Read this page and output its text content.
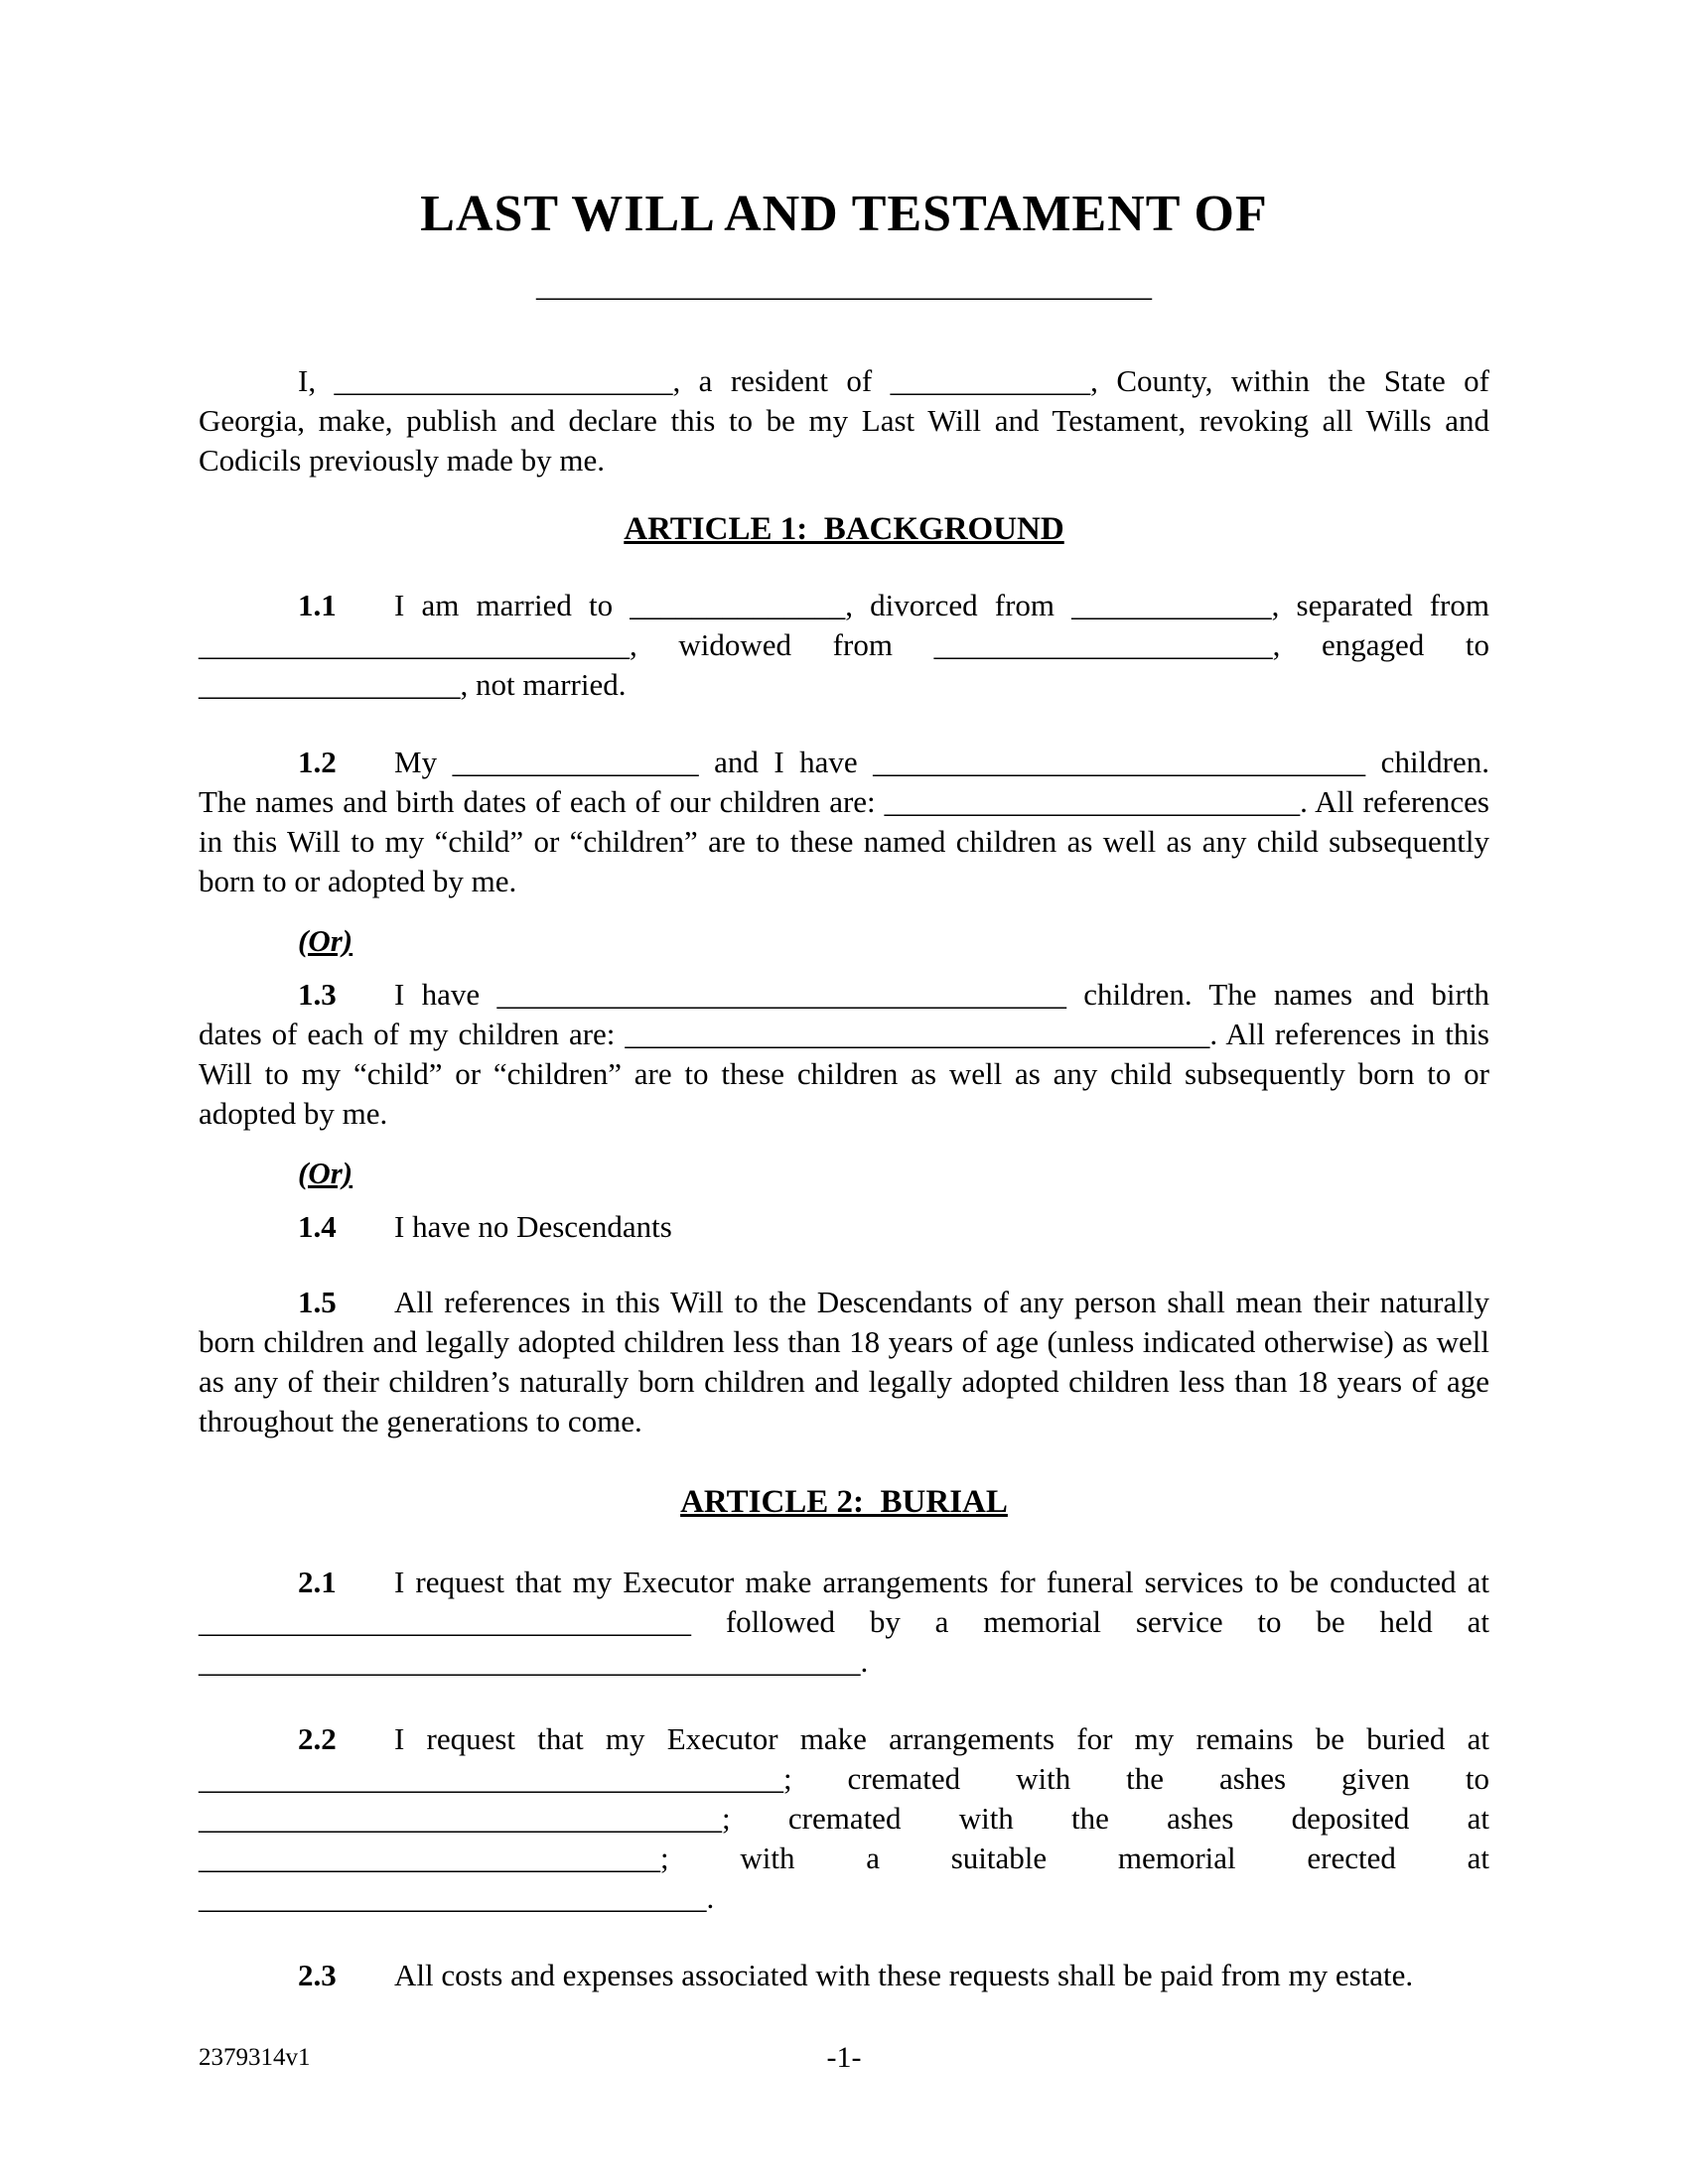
LAST WILL AND TESTAMENT OF
________________________________________

I, ______________________, a resident of _____________, County, within the State of Georgia, make, publish and declare this to be my Last Will and Testament, revoking all Wills and Codicils previously made by me.

ARTICLE 1:  BACKGROUND

1.1 I am married to ______________, divorced from _____________, separated from ____________________________, widowed from ______________________, engaged to _________________, not married.

1.2 My ________________ and I have ________________________________ children. The names and birth dates of each of our children are: ___________________________. All references in this Will to my “child” or “children” are to these named children as well as any child subsequently born to or adopted by me.

(Or)

1.3 I have _____________________________________ children. The names and birth dates of each of my children are: ______________________________________. All references in this Will to my “child” or “children” are to these children as well as any child subsequently born to or adopted by me.

(Or)

1.4 I have no Descendants

1.5 All references in this Will to the Descendants of any person shall mean their naturally born children and legally adopted children less than 18 years of age (unless indicated otherwise) as well as any of their children’s naturally born children and legally adopted children less than 18 years of age throughout the generations to come.

ARTICLE 2:  BURIAL

2.1 I request that my Executor make arrangements for funeral services to be conducted at ________________________________ followed by a memorial service to be held at ___________________________________________.

2.2 I request that my Executor make arrangements for my remains be buried at ______________________________________; cremated with the ashes given to __________________________________; cremated with the ashes deposited at ______________________________; with a suitable memorial erected at _________________________________.

2.3 All costs and expenses associated with these requests shall be paid from my estate.

2379314v1	-1-
